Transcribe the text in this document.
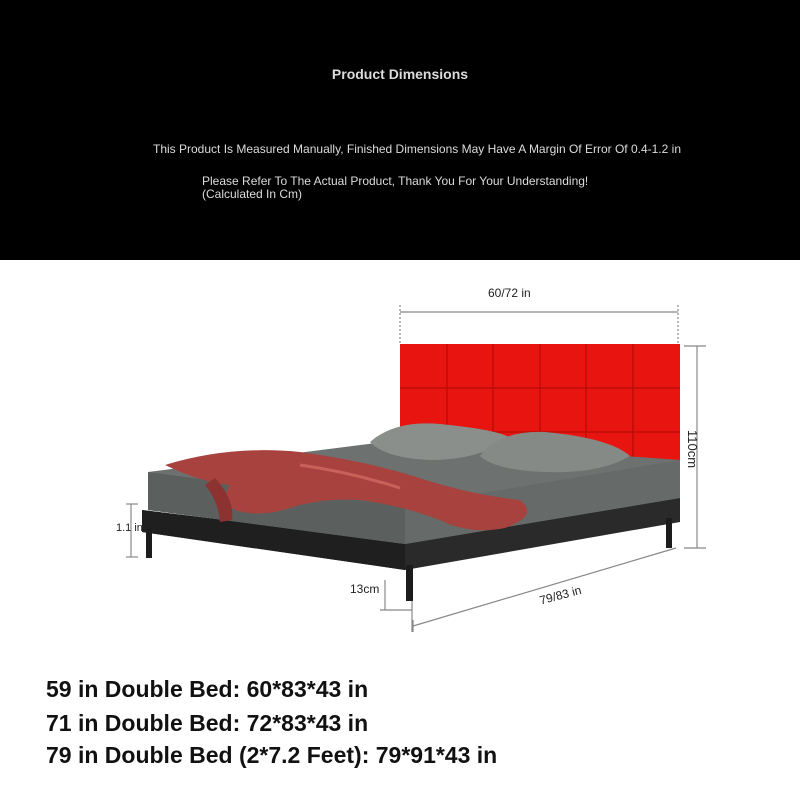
Product Dimensions
This Product Is Measured Manually, Finished Dimensions May Have A Margin Of Error Of 0.4-1.2 in
Please Refer To The Actual Product, Thank You For Your Understanding!
(Calculated In Cm)
60/72 in
110cm
1.1 in
13cm	79/83 in
59 in Double Bed: 60*83*43 in
71 in Double Bed: 72*83*43 in
79 in Double Bed (2*7.2 Feet): 79*91*43 in
